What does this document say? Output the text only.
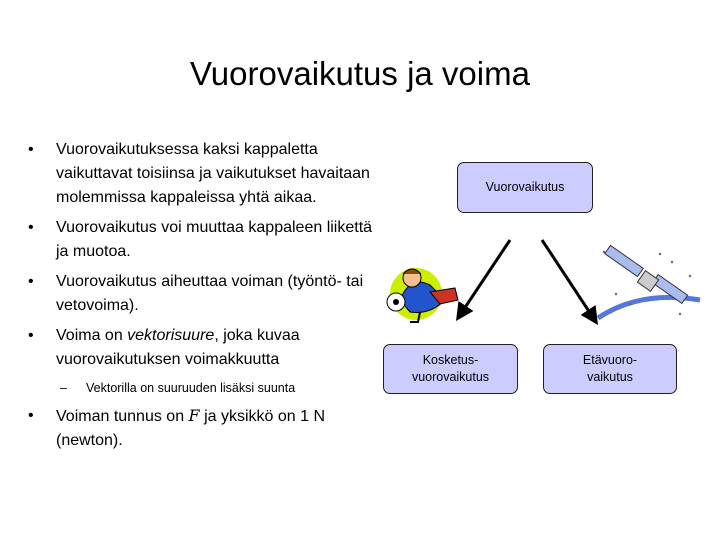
Vuorovaikutus ja voima
•	Vuorovaikutuksessa kaksi kappaletta vaikuttavat toisiinsa ja vaikutukset havaitaan molemmissa kappaleissa yhtä aikaa.
•	Vuorovaikutus voi muuttaa kappaleen liikettä ja muotoa.
•	Vuorovaikutus aiheuttaa voiman (työntö- tai vetovoima).
•	Voima on vektorisuure, joka kuvaa vuorovaikutuksen voimakkuutta
–	Vektorilla on suuruuden lisäksi suunta
•	Voiman tunnus on F ja yksikkö on 1 N (newton).
Vuorovaikutus
Kosketus-
vuorovaikutus
Etävuoro-
vaikutus
